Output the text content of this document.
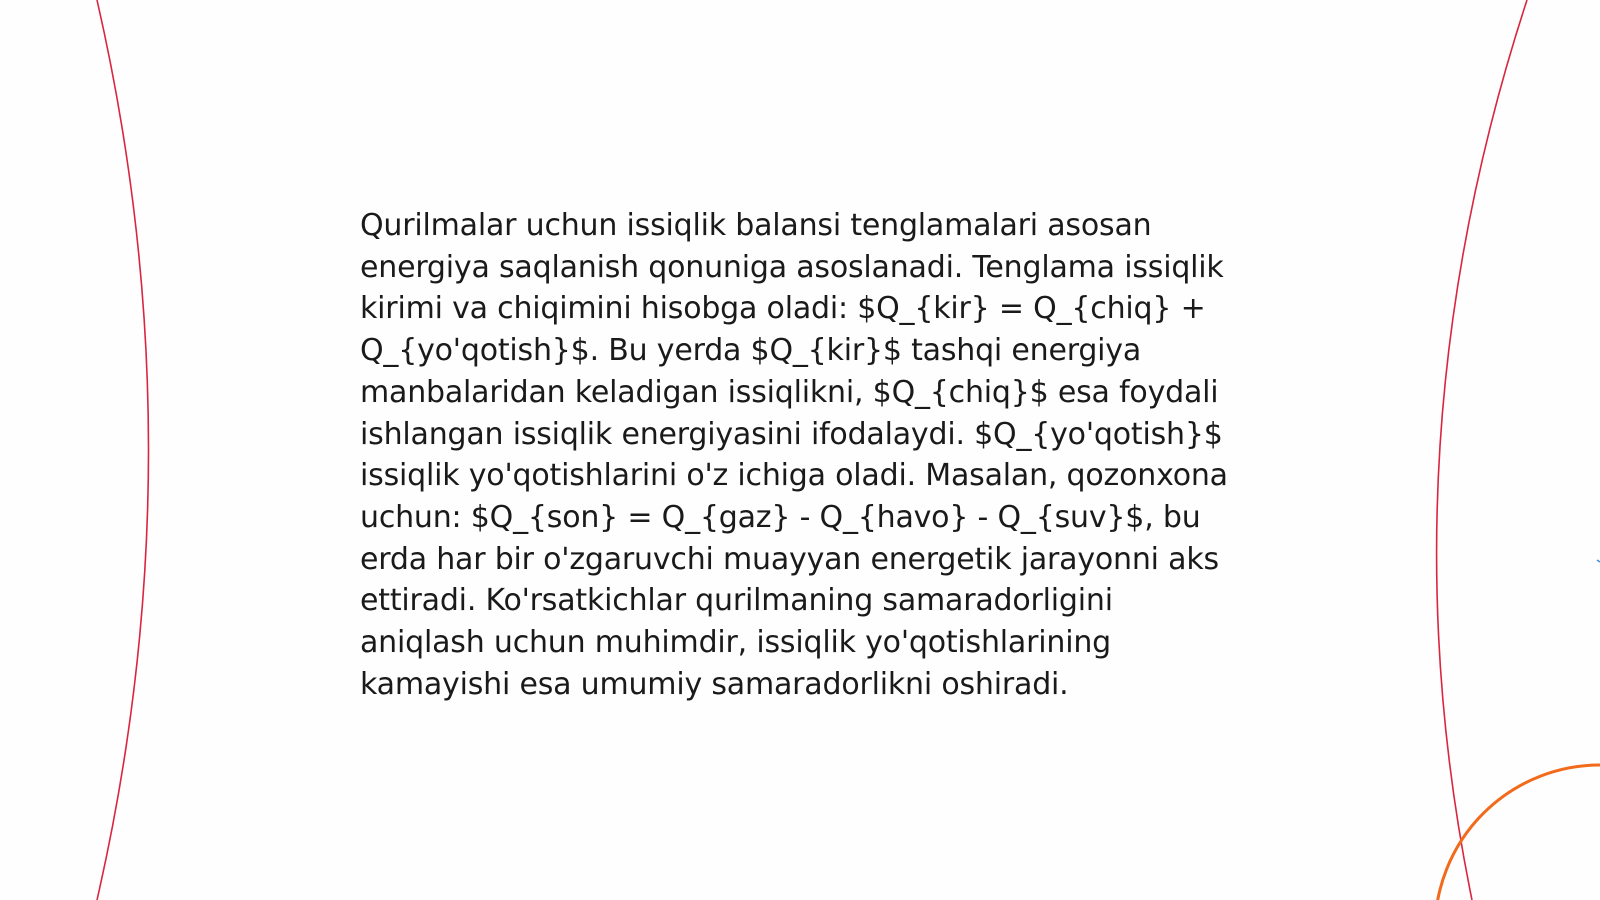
Qurilmalar uchun issiqlik balansi tenglamalari asosan energiya saqlanish qonuniga asoslanadi. Tenglama issiqlik kirimi va chiqimini hisobga oladi: $Q_{kir} = Q_{chiq} + Q_{yo'qotish}$. Bu yerda $Q_{kir}$ tashqi energiya manbalaridan keladigan issiqlikni, $Q_{chiq}$ esa foydali ishlangan issiqlik energiyasini ifodalaydi. $Q_{yo'qotish}$ issiqlik yo'qotishlarini o'z ichiga oladi. Masalan, qozonxona uchun: $Q_{son} = Q_{gaz} - Q_{havo} - Q_{suv}$, bu erda har bir o'zgaruvchi muayyan energetik jarayonni aks ettiradi. Ko'rsatkichlar qurilmaning samaradorligini aniqlash uchun muhimdir, issiqlik yo'qotishlarining kamayishi esa umumiy samaradorlikni oshiradi.
